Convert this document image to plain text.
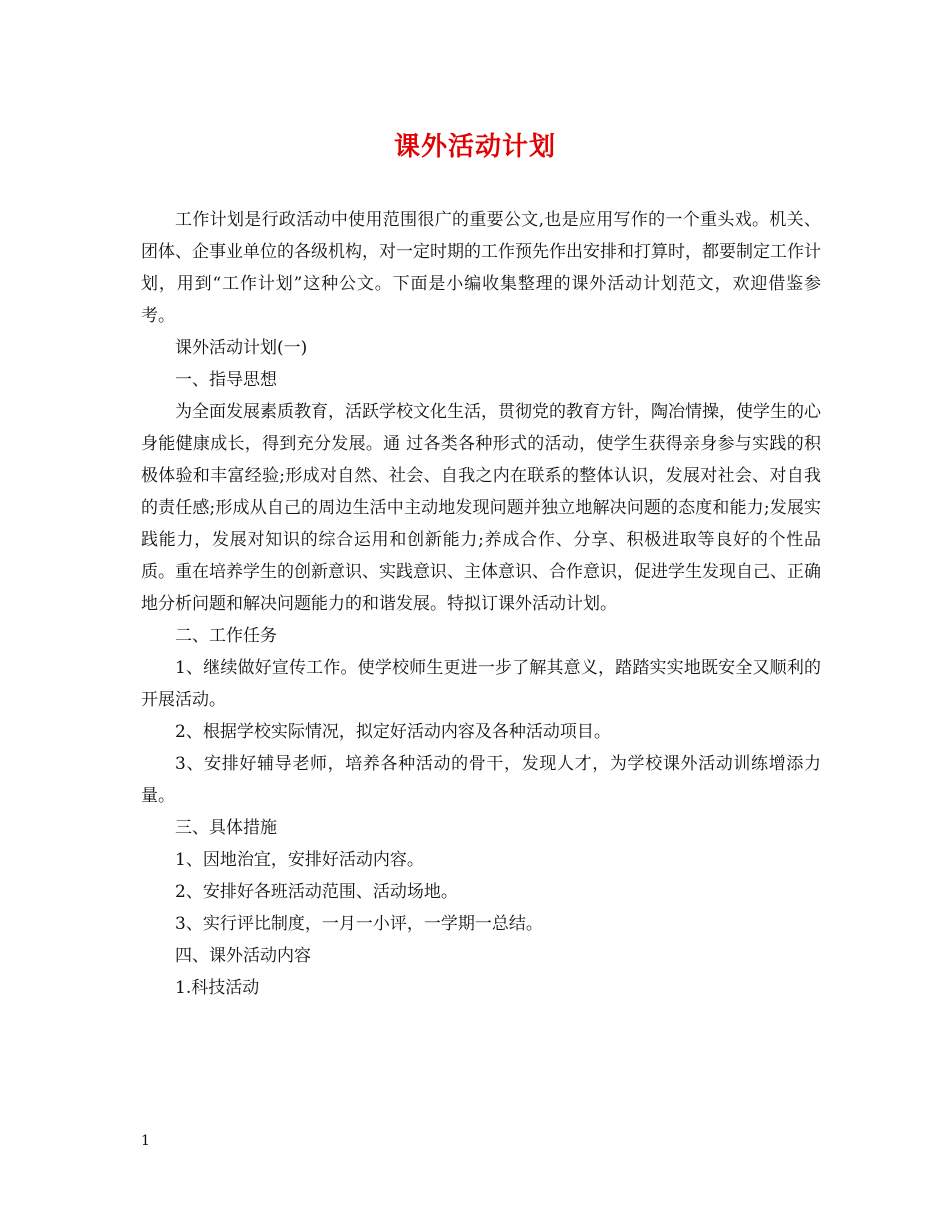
课外活动计划

工作计划是行政活动中使用范围很广的重要公文,也是应用写作的一个重头戏。机关、团体、企事业单位的各级机构，对一定时期的工作预先作出安排和打算时，都要制定工作计划，用到“工作计划”这种公文。下面是小编收集整理的课外活动计划范文，欢迎借鉴参考。

课外活动计划(一)

一、指导思想

为全面发展素质教育，活跃学校文化生活，贯彻党的教育方针，陶冶情操，使学生的心身能健康成长，得到充分发展。通 过各类各种形式的活动，使学生获得亲身参与实践的积极体验和丰富经验;形成对自然、社会、自我之内在联系的整体认识，发展对社会、对自我的责任感;形成从自己的周边生活中主动地发现问题并独立地解决问题的态度和能力;发展实践能力，发展对知识的综合运用和创新能力;养成合作、分享、积极进取等良好的个性品 质。重在培养学生的创新意识、实践意识、主体意识、合作意识，促进学生发现自己、正确地分析问题和解决问题能力的和谐发展。特拟订课外活动计划。

二、工作任务

1、继续做好宣传工作。使学校师生更进一步了解其意义，踏踏实实地既安全又顺利的开展活动。

2、根据学校实际情况，拟定好活动内容及各种活动项目。

3、安排好辅导老师，培养各种活动的骨干，发现人才，为学校课外活动训练增添力量。

三、具体措施

1、因地治宜，安排好活动内容。

2、安排好各班活动范围、活动场地。

3、实行评比制度，一月一小评，一学期一总结。

四、课外活动内容

1.科技活动

1
